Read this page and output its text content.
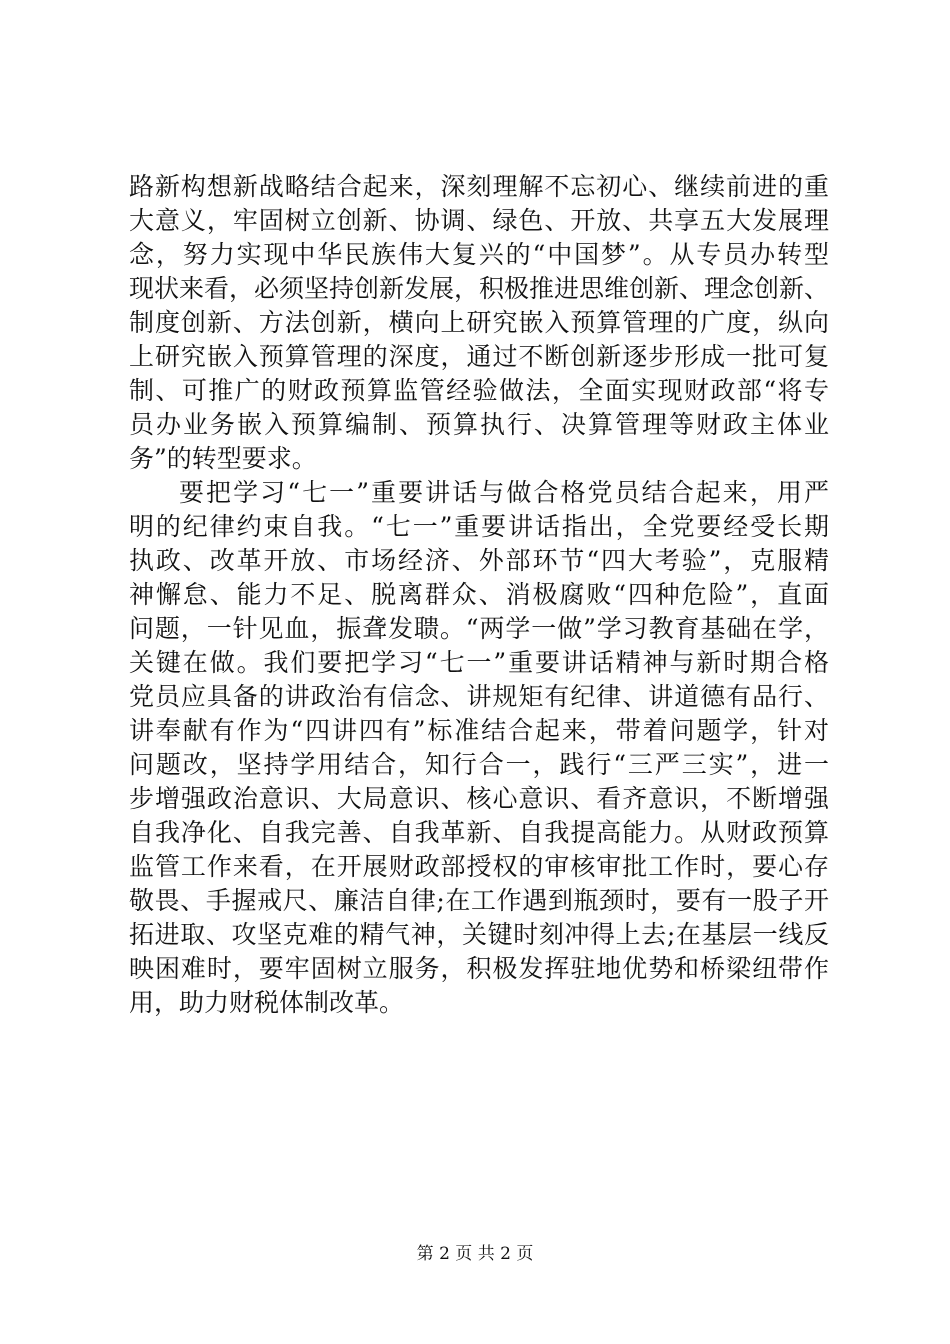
路新构想新战略结合起来，深刻理解不忘初心、继续前进的重
大意义，牢固树立创新、协调、绿色、开放、共享五大发展理
念，努力实现中华民族伟大复兴的“中国梦”。从专员办转型
现状来看，必须坚持创新发展，积极推进思维创新、理念创新、
制度创新、方法创新，横向上研究嵌入预算管理的广度，纵向
上研究嵌入预算管理的深度，通过不断创新逐步形成一批可复
制、可推广的财政预算监管经验做法，全面实现财政部“将专
员办业务嵌入预算编制、预算执行、决算管理等财政主体业
务”的转型要求。
要把学习“七一”重要讲话与做合格党员结合起来，用严
明的纪律约束自我。“七一”重要讲话指出，全党要经受长期
执政、改革开放、市场经济、外部环节“四大考验”，克服精
神懈怠、能力不足、脱离群众、消极腐败“四种危险”，直面
问题，一针见血，振聋发聩。“两学一做”学习教育基础在学，
关键在做。我们要把学习“七一”重要讲话精神与新时期合格
党员应具备的讲政治有信念、讲规矩有纪律、讲道德有品行、
讲奉献有作为“四讲四有”标准结合起来，带着问题学，针对
问题改，坚持学用结合，知行合一，践行“三严三实”，进一
步增强政治意识、大局意识、核心意识、看齐意识，不断增强
自我净化、自我完善、自我革新、自我提高能力。从财政预算
监管工作来看，在开展财政部授权的审核审批工作时，要心存
敬畏、手握戒尺、廉洁自律;在工作遇到瓶颈时，要有一股子开
拓进取、攻坚克难的精气神，关键时刻冲得上去;在基层一线反
映困难时，要牢固树立服务，积极发挥驻地优势和桥梁纽带作
用，助力财税体制改革。
第 2 页 共 2 页
